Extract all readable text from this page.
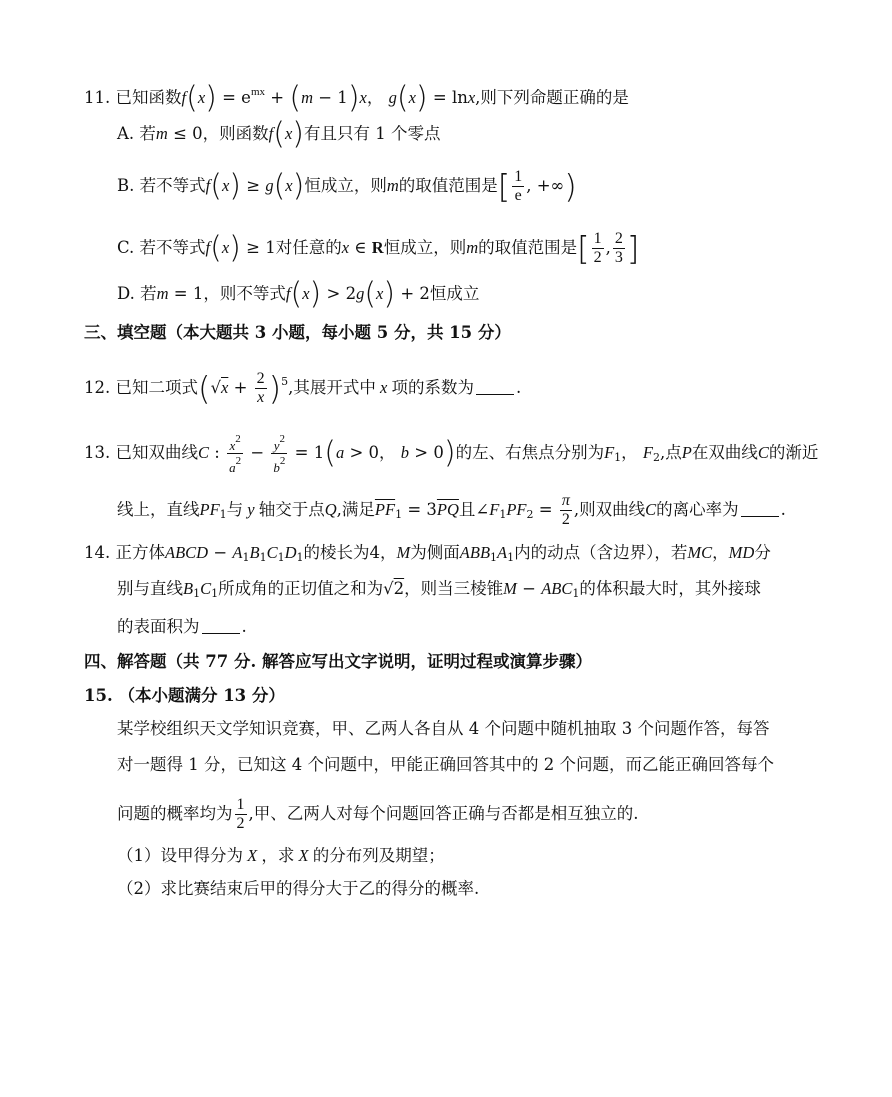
11. 已知函数$f(x) = e^{mx} + (m - 1)x$， g(x) = lnx,则下列命题正确的是
A. 若m ≤ 0，则函数f(x)有且只有 1 个零点
B. 若不等式f(x) ≥ g(x)恒成立，则m的取值范围是[ $\frac{1}{e}$ , +∞)
C. 若不等式f(x) ≥ 1对任意的x ∈ R恒成立，则m的取值范围是[ $\frac{1}{2}$ , $\frac{2}{3}$ ]
D. 若m = 1，则不等式f(x) > 2g(x) + 2恒成立
三、填空题（本大题共 3 小题，每小题 5 分，共 15 分）
12. 已知二项式$(√x + \frac{2}{x} )^5$,其展开式中 x 项的系数为	.
13. 已知双曲线C : $\frac{x^2}{a^2} - \frac{y^2}{b^2} = 1(a > 0$， b > 0)的左、右焦点分别为$F_1$， $F_2$,点P在双曲线C的渐近
线上，直线$PF_1$与 y 轴交于点Q,满足$\overline{PF}_1 = 3\overline{PQ}$且$\angle F_1PF_2 = \frac{\pi}{2}$ ,则双曲线C的离心率为	.
14. 正方体ABCD − $A_1B_1C_1D_1$的棱长为4，M为侧面$ABB_1A_1$内的动点（含边界），若MC，MD分
别与直线$B_1C_1$所成角的正切值之和为√2，则当三棱锥$M - ABC_1$的体积最大时，其外接球
的表面积为	.
四、解答题（共 77 分. 解答应写出文字说明，证明过程或演算步骤）
15. （本小题满分 13 分）
某学校组织天文学知识竞赛，甲、乙两人各自从 4 个问题中随机抽取 3 个问题作答，每答
对一题得 1 分，已知这 4 个问题中，甲能正确回答其中的 2 个问题，而乙能正确回答每个
问题的概率均为 $\frac{1}{2}$ ,甲、乙两人对每个问题回答正确与否都是相互独立的.
（1）设甲得分为 X ，求 X 的分布列及期望；
（2）求比赛结束后甲的得分大于乙的得分的概率.
